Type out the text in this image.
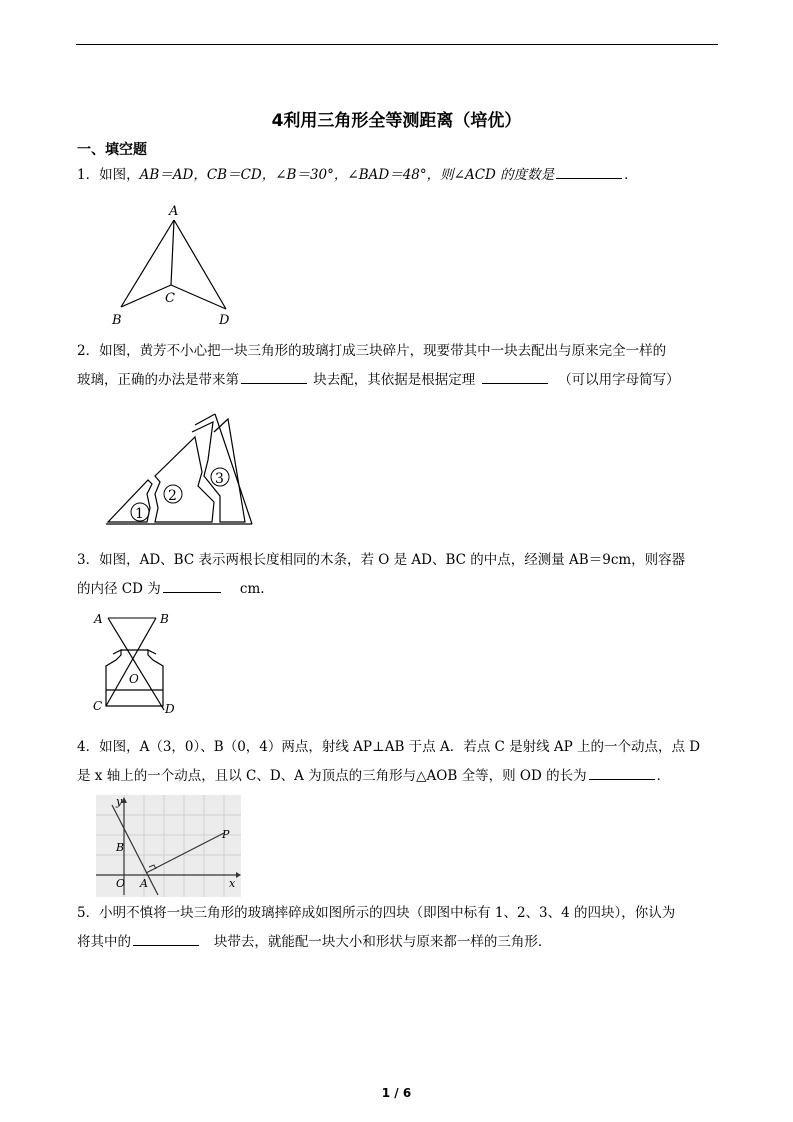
4利用三角形全等测距离（培优）
一、填空题
1．如图，AB＝AD，CB＝CD，∠B＝30°，∠BAD＝48°，则∠ACD 的度数是	．
A
B
C
D
2．如图，黄芳不小心把一块三角形的玻璃打成三块碎片，现要带其中一块去配出与原来完全一样的
玻璃，正确的办法是带来第	块去配，其依据是根据定理	（可以用字母简写）
1
2
3
3．如图，AD、BC 表示两根长度相同的木条，若 O 是 AD、BC 的中点，经测量 AB＝9cm，则容器
的内径 CD 为	cm.
A	B
O
C	D
4．如图，A（3，0）、B（0，4）两点，射线 AP⊥AB 于点 A．若点 C 是射线 AP 上的一个动点，点 D
是 x 轴上的一个动点，且以 C、D、A 为顶点的三角形与△AOB 全等，则 OD 的长为	．
y
x
O A
B
P
5．小明不慎将一块三角形的玻璃摔碎成如图所示的四块（即图中标有 1、2、3、4 的四块），你认为
将其中的	块带去，就能配一块大小和形状与原来都一样的三角形．
1 / 6
